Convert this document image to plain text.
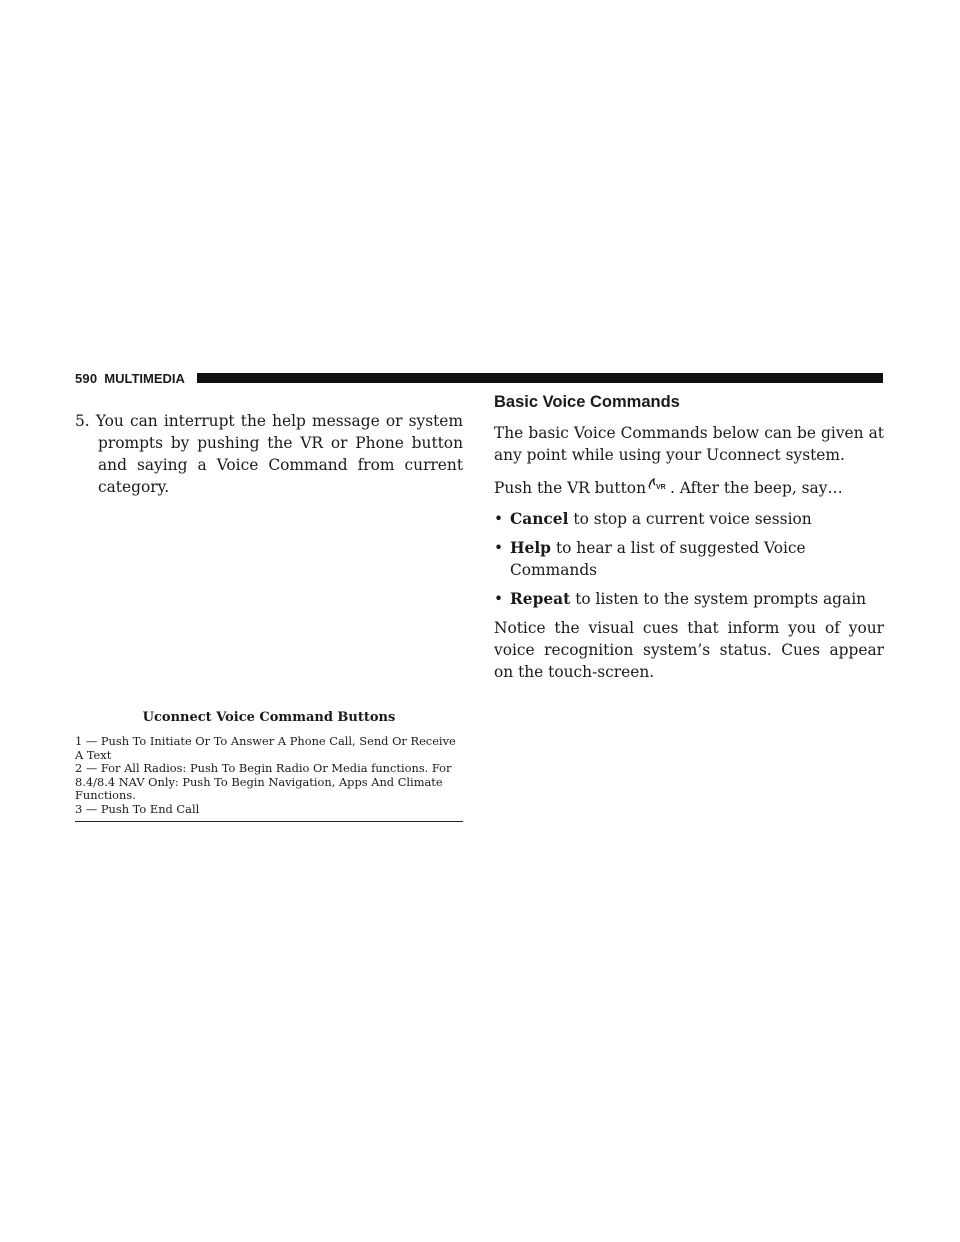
590 MULTIMEDIA

5. You can interrupt the help message or system prompts by pushing the VR or Phone button and saying a Voice Command from current category.

Uconnect Voice Command Buttons

1 — Push To Initiate Or To Answer A Phone Call, Send Or Receive A Text

2 — For All Radios: Push To Begin Radio Or Media functions. For 8.4/8.4 NAV Only: Push To Begin Navigation, Apps And Climate Functions.

3 — Push To End Call

Basic Voice Commands

The basic Voice Commands below can be given at any point while using your Uconnect system.

Push the VR button VR . After the beep, say…

• Cancel to stop a current voice session
• Help to hear a list of suggested Voice Commands
• Repeat to listen to the system prompts again

Notice the visual cues that inform you of your voice recognition system’s status. Cues appear on the touch-screen.
